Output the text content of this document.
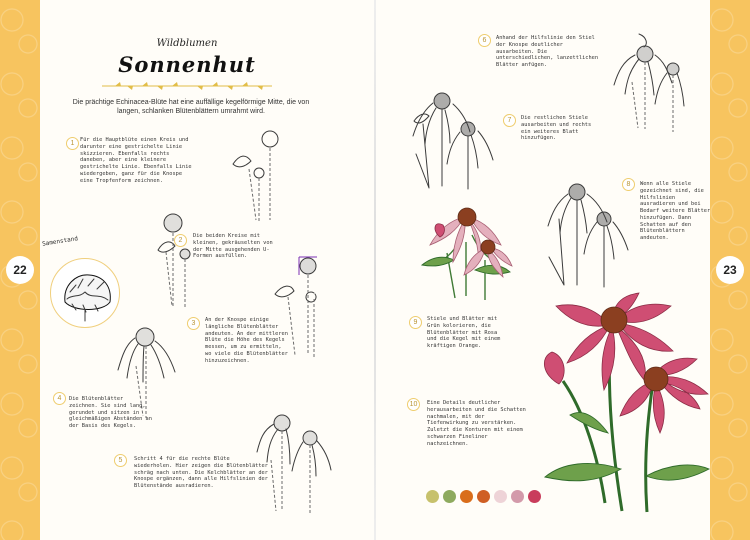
22	23
Wildblumen
Sonnenhut
Die prächtige Echinacea-Blüte hat eine auffällige kegelförmige Mitte, die von langen, schlanken Blütenblättern umrahmt wird.
1	Für die Hauptblüte einen Kreis und darunter eine gestrichelte Linie skizzieren. Ebenfalls rechts daneben, aber eine kleinere gestrichelte Linie. Ebenfalls Linie wiedergeben, ganz für die Knospe eine Tropfenform zeichnen.
2
Die beiden Kreise mit kleinen, gekräuselten von der Mitte ausgehenden U-Formen ausfüllen.
3	An der Knospe einige längliche Blütenblätter andeuten. An der mittleren Blüte die Höhe des Kegels messen, um zu ermitteln, wo viele die Blütenblätter hinzuzeichnen.
4	Die Blütenblätter zeichnen. Sie sind lang, gerundet und sitzen in gleichmäßigen Abständen an der Basis des Kegels.
5	Schritt 4 für die rechte Blüte wiederholen. Hier zeigen die Blütenblätter schräg nach unten. Die Kelchblätter an der Knospe ergänzen, dann alle Hilfslinien der Blütenstände ausradieren.
Samenstand
6	Anhand der Hilfslinie den Stiel der Knospe deutlicher ausarbeiten. Die unterschiedlichen, lanzettlichen Blätter anfügen.
7	Die restlichen Stiele ausarbeiten und rechts ein weiteres Blatt hinzufügen.
8	Wenn alle Stiele gezeichnet sind, die Hilfslinien ausradieren und bei Bedarf weitere Blätter hinzufügen. Dann Schatten auf den Blütenblättern andeuten.
9	Stiele und Blätter mit Grün kolorieren, die Blütenblätter mit Rosa und die Kegel mit einem kräftigen Orange.
10	Eine Details deutlicher herausarbeiten und die Schatten nachmalen, mit der Tiefenwirkung zu verstärken. Zuletzt die Konturen mit einem schwarzen Fineliner nachzeichnen.
